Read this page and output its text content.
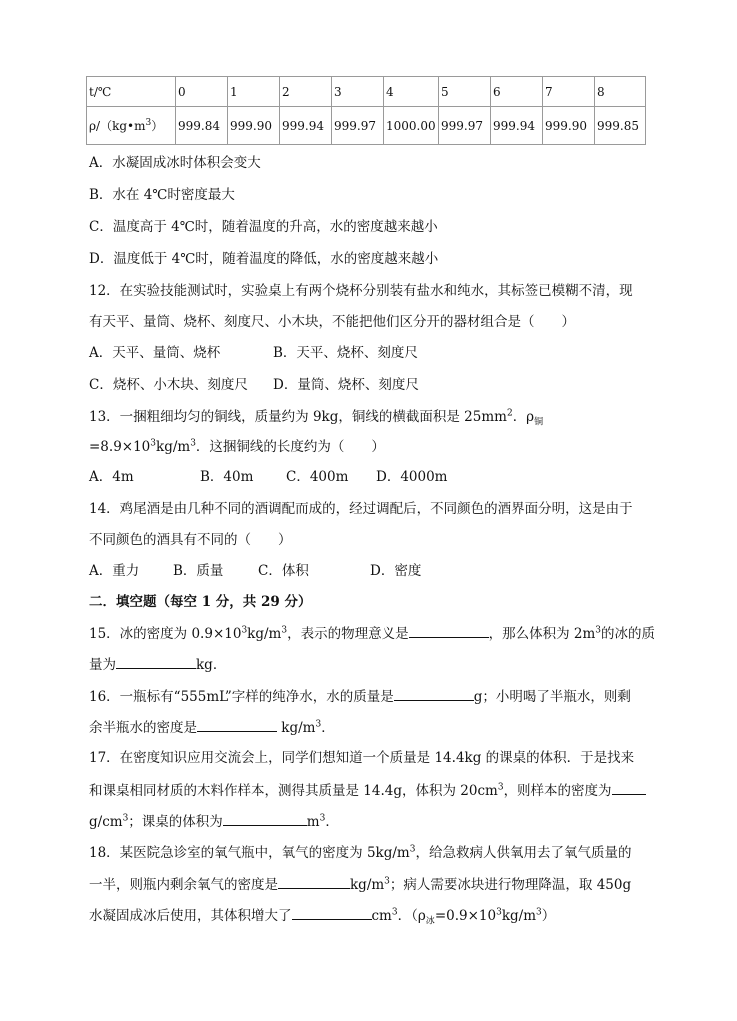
t/℃	0	1	2	3	4	5	6	7	8
$\rho/(kg•m^3)$	999.84	999.90	999.94	999.97	1000.00	999.97	999.94	999.90	999.85
A．水凝固成冰时体积会变大
B．水在 4℃时密度最大
C．温度高于 4℃时，随着温度的升高，水的密度越来越小
D．温度低于 4℃时，随着温度的降低，水的密度越来越小
12．在实验技能测试时，实验桌上有两个烧杯分别装有盐水和纯水，其标签已模糊不清，现
有天平、量筒、烧杯、刻度尺、小木块，不能把他们区分开的器材组合是（　　）
A．天平、量筒、烧杯	B．天平、烧杯、刻度尺
C．烧杯、小木块、刻度尺 D．量筒、烧杯、刻度尺
13．一捆粗细均匀的铜线，质量约为 9kg，铜线的横截面积是 $25mm^2$．$\rho_铜$
$=8.9\times 10^3kg/m^3$．这捆铜线的长度约为（　　）
A．4m	B．40m C．400m D．4000m
14．鸡尾酒是由几种不同的酒调配而成的，经过调配后，不同颜色的酒界面分明，这是由于
不同颜色的酒具有不同的（　　）
A．重力	B．质量	C．体积	D．密度
二．填空题（每空 1 分，共 29 分）
15．冰的密度为 $0.9\times 10^3kg/m^3$，表示的物理意义是	，那么体积为 $2m^3$的冰的质
量为	kg．
16．一瓶标有“555mL”字样的纯净水，水的质量是	g；小明喝了半瓶水，则剩
余半瓶水的密度是	$kg/m^3$．
17．在密度知识应用交流会上，同学们想知道一个质量是 14.4kg 的课桌的体积．于是找来
和课桌相同材质的木料作样本，测得其质量是 14.4g，体积为 $20cm^3$，则样本的密度为
$g/cm^3$；课桌的体积为	$m^3$．
18．某医院急诊室的氧气瓶中，氧气的密度为 $5kg/m^3$，给急救病人供氧用去了氧气质量的
一半，则瓶内剩余氧气的密度是	$kg/m^3$；病人需要冰块进行物理降温，取 450g
水凝固成冰后使用，其体积增大了	$cm^3$．$(\rho_冰=0.9\times 10^3kg/m^3)$
